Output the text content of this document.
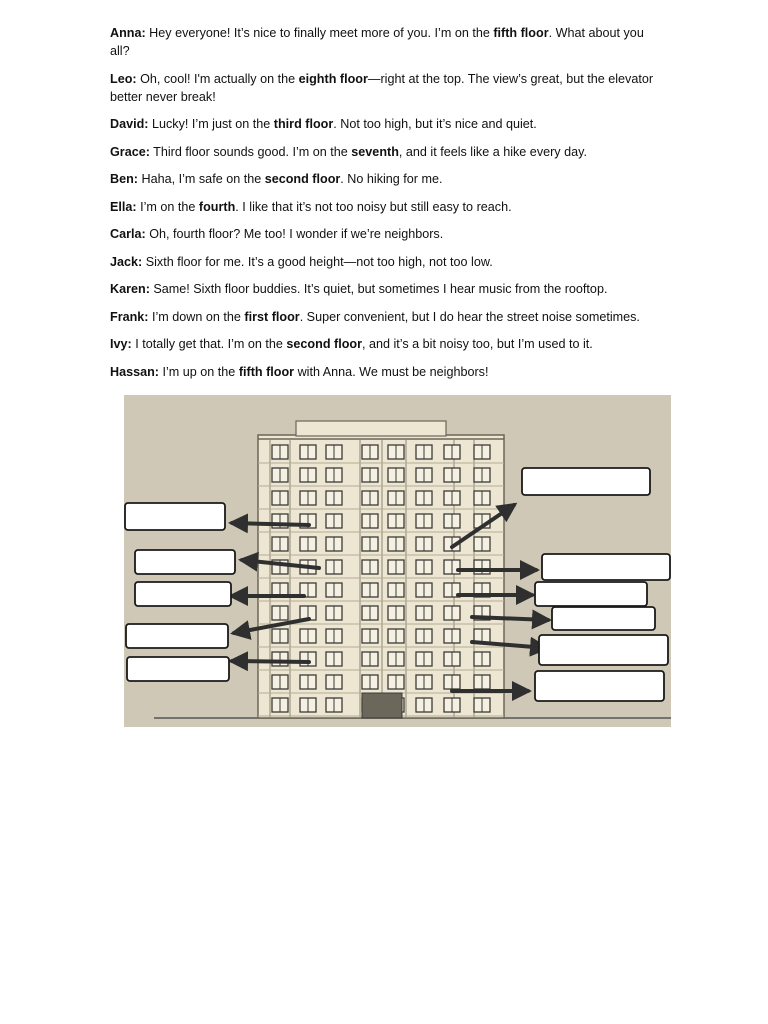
Anna: Hey everyone! It’s nice to finally meet more of you. I’m on the fifth floor. What about you all?

Leo: Oh, cool! I'm actually on the eighth floor—right at the top. The view’s great, but the elevator better never break!

David: Lucky! I’m just on the third floor. Not too high, but it’s nice and quiet.

Grace: Third floor sounds good. I’m on the seventh, and it feels like a hike every day.

Ben: Haha, I’m safe on the second floor. No hiking for me.

Ella: I’m on the fourth. I like that it’s not too noisy but still easy to reach.

Carla: Oh, fourth floor? Me too! I wonder if we’re neighbors.

Jack: Sixth floor for me. It’s a good height—not too high, not too low.

Karen: Same! Sixth floor buddies. It’s quiet, but sometimes I hear music from the rooftop.

Frank: I’m down on the first floor. Super convenient, but I do hear the street noise sometimes.

Ivy: I totally get that. I’m on the second floor, and it’s a bit noisy too, but I’m used to it.

Hassan: I’m up on the fifth floor with Anna. We must be neighbors!
